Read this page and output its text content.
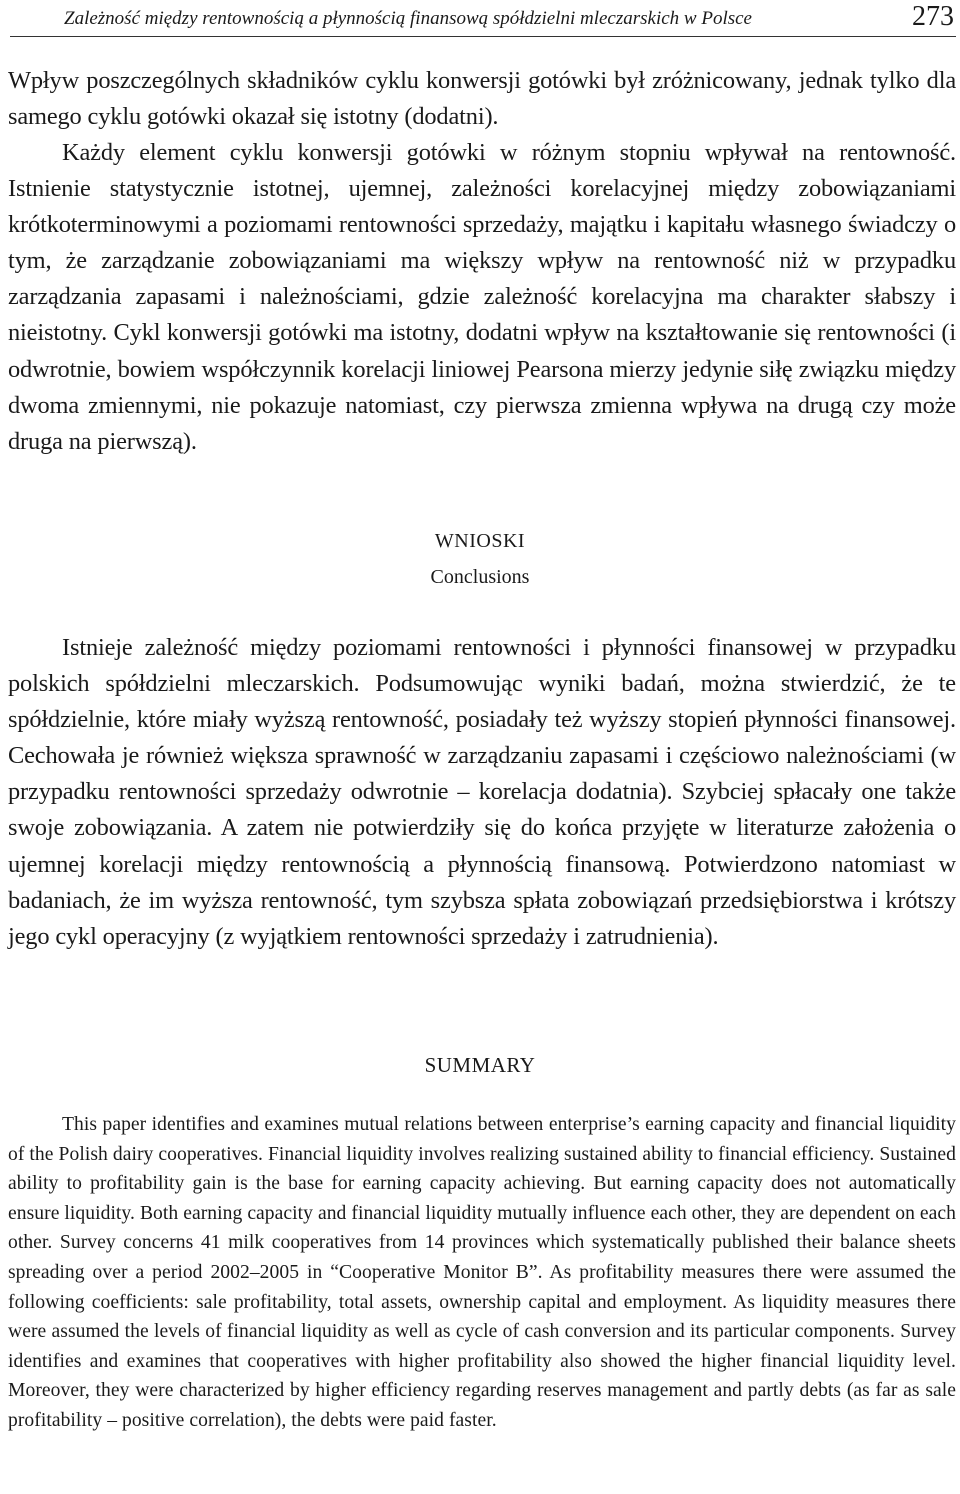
Zależność między rentownością a płynnością finansową spółdzielni mleczarskich w Polsce	273

Wpływ poszczególnych składników cyklu konwersji gotówki był zróżnicowany, jednak tylko dla samego cyklu gotówki okazał się istotny (dodatni).

Każdy element cyklu konwersji gotówki w różnym stopniu wpływał na rentowność. Istnienie statystycznie istotnej, ujemnej, zależności korelacyjnej między zobowiązaniami krótkoterminowymi a poziomami rentowności sprzedaży, majątku i kapitału własnego świadczy o tym, że zarządzanie zobowiązaniami ma większy wpływ na rentowność niż w przypadku zarządzania zapasami i należnościami, gdzie zależność korelacyjna ma charakter słabszy i nieistotny. Cykl konwersji gotówki ma istotny, dodatni wpływ na kształtowanie się rentowności (i odwrotnie, bowiem współczynnik korelacji liniowej Pearsona mierzy jedynie siłę związku między dwoma zmiennymi, nie pokazuje natomiast, czy pierwsza zmienna wpływa na drugą czy może druga na pierwszą).

WNIOSKI
Conclusions

Istnieje zależność między poziomami rentowności i płynności finansowej w przypadku polskich spółdzielni mleczarskich. Podsumowując wyniki badań, można stwierdzić, że te spółdzielnie, które miały wyższą rentowność, posiadały też wyższy stopień płynności finansowej. Cechowała je również większa sprawność w zarządzaniu zapasami i częściowo należnościami (w przypadku rentowności sprzedaży odwrotnie – korelacja dodatnia). Szybciej spłacały one także swoje zobowiązania. A zatem nie potwierdziły się do końca przyjęte w literaturze założenia o ujemnej korelacji między rentownością a płynnością finansową. Potwierdzono natomiast w badaniach, że im wyższa rentowność, tym szybsza spłata zobowiązań przedsiębiorstwa i krótszy jego cykl operacyjny (z wyjątkiem rentowności sprzedaży i zatrudnienia).

SUMMARY

This paper identifies and examines mutual relations between enterprise’s earning capacity and financial liquidity of the Polish dairy cooperatives. Financial liquidity involves realizing sustained ability to financial efficiency. Sustained ability to profitability gain is the base for earning capacity achieving. But earning capacity does not automatically ensure liquidity. Both earning capacity and financial liquidity mutually influence each other, they are dependent on each other. Survey concerns 41 milk cooperatives from 14 provinces which systematically published their balance sheets spreading over a period 2002–2005 in “Cooperative Monitor B”. As profitability measures there were assumed the following coefficients: sale profitability, total assets, ownership capital and employment. As liquidity measures there were assumed the levels of financial liquidity as well as cycle of cash conversion and its particular components. Survey identifies and examines that cooperatives with higher profitability also showed the higher financial liquidity level. Moreover, they were characterized by higher efficiency regarding reserves management and partly debts (as far as sale profitability – positive correlation), the debts were paid faster.
